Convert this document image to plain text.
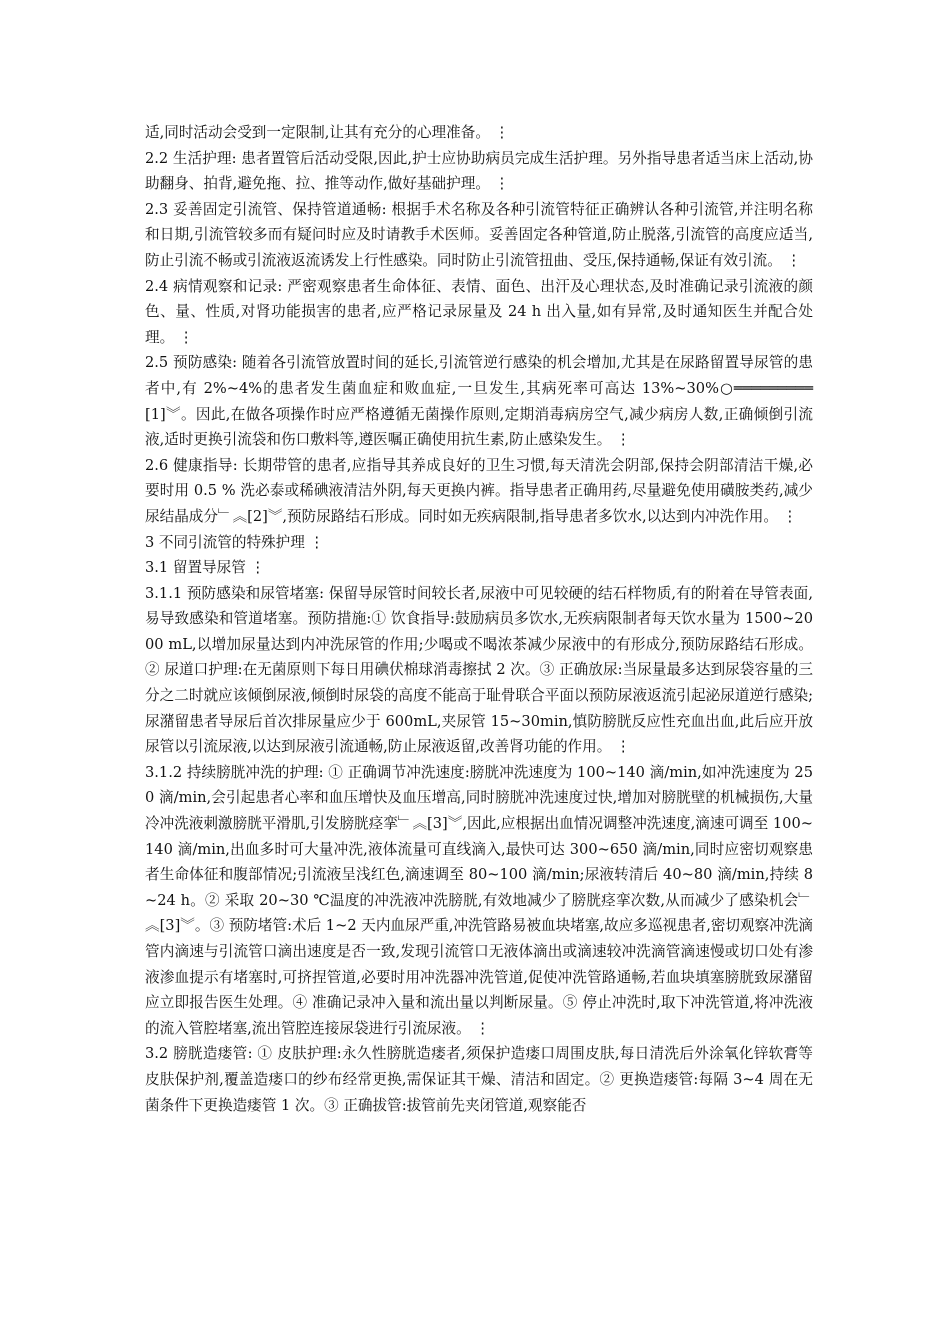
适,同时活动会受到一定限制,让其有充分的心理准备。 ⋮

2.2 生活护理: 患者置管后活动受限,因此,护士应协助病员完成生活护理。另外指导患者适当床上活动,协助翻身、拍背,避免拖、拉、推等动作,做好基础护理。 ⋮

2.3 妥善固定引流管、保持管道通畅: 根据手术名称及各种引流管特征正确辨认各种引流管,并注明名称和日期,引流管较多而有疑问时应及时请教手术医师。妥善固定各种管道,防止脱落,引流管的高度应适当,防止引流不畅或引流液返流诱发上行性感染。同时防止引流管扭曲、受压,保持通畅,保证有效引流。 ⋮

2.4 病情观察和记录: 严密观察患者生命体征、表情、面色、出汗及心理状态,及时准确记录引流液的颜色、量、性质,对肾功能损害的患者,应严格记录尿量及 24 h 出入量,如有异常,及时通知医生并配合处理。 ⋮

2.5 预防感染: 随着各引流管放置时间的延长,引流管逆行感染的机会增加,尤其是在尿路留置导尿管的患者中,有 2%~4%的患者发生菌血症和败血症,一旦发生,其病死率可高达 13%~30%○═════════[1]︾。因此,在做各项操作时应严格遵循无菌操作原则,定期消毒病房空气,减少病房人数,正确倾倒引流液,适时更换引流袋和伤口敷料等,遵医嘱正确使用抗生素,防止感染发生。 ⋮

2.6 健康指导: 长期带管的患者,应指导其养成良好的卫生习惯,每天清洗会阴部,保持会阴部清洁干燥,必要时用 0.5 % 洗必泰或稀碘液清洁外阴,每天更换内裤。指导患者正确用药,尽量避免使用磺胺类药,减少尿结晶成分﹂︽[2]︾,预防尿路结石形成。同时如无疾病限制,指导患者多饮水,以达到内冲洗作用。 ⋮

3 不同引流管的特殊护理 ⋮

3.1 留置导尿管 ⋮

3.1.1 预防感染和尿管堵塞: 保留导尿管时间较长者,尿液中可见较硬的结石样物质,有的附着在导管表面,易导致感染和管道堵塞。预防措施:① 饮食指导:鼓励病员多饮水,无疾病限制者每天饮水量为 1500~2000 mL,以增加尿量达到内冲洗尿管的作用;少喝或不喝浓茶减少尿液中的有形成分,预防尿路结石形成。② 尿道口护理:在无菌原则下每日用碘伏棉球消毒擦拭 2 次。③ 正确放尿:当尿量最多达到尿袋容量的三分之二时就应该倾倒尿液,倾倒时尿袋的高度不能高于耻骨联合平面以预防尿液返流引起泌尿道逆行感染;尿潴留患者导尿后首次排尿量应少于 600mL,夹尿管 15~30min,慎防膀胱反应性充血出血,此后应开放尿管以引流尿液,以达到尿液引流通畅,防止尿液返留,改善肾功能的作用。 ⋮

3.1.2 持续膀胱冲洗的护理: ① 正确调节冲洗速度:膀胱冲洗速度为 100~140 滴/min,如冲洗速度为 250 滴/min,会引起患者心率和血压增快及血压增高,同时膀胱冲洗速度过快,增加对膀胱壁的机械损伤,大量冷冲洗液刺激膀胱平滑肌,引发膀胱痉挛﹂︽[3]︾,因此,应根据出血情况调整冲洗速度,滴速可调至 100~140 滴/min,出血多时可大量冲洗,液体流量可直线滴入,最快可达 300~650 滴/min,同时应密切观察患者生命体征和腹部情况;引流液呈浅红色,滴速调至 80~100 滴/min;尿液转清后 40~80 滴/min,持续 8~24 h。② 采取 20~30 ℃温度的冲洗液冲洗膀胱,有效地减少了膀胱痉挛次数,从而减少了感染机会﹂︽[3]︾。③ 预防堵管:术后 1~2 天内血尿严重,冲洗管路易被血块堵塞,故应多巡视患者,密切观察冲洗滴管内滴速与引流管口滴出速度是否一致,发现引流管口无液体滴出或滴速较冲洗滴管滴速慢或切口处有渗液渗血提示有堵塞时,可挤捏管道,必要时用冲洗器冲洗管道,促使冲洗管路通畅,若血块填塞膀胱致尿潴留应立即报告医生处理。④ 准确记录冲入量和流出量以判断尿量。⑤ 停止冲洗时,取下冲洗管道,将冲洗液的流入管腔堵塞,流出管腔连接尿袋进行引流尿液。 ⋮

3.2 膀胱造瘘管: ① 皮肤护理:永久性膀胱造瘘者,须保护造瘘口周围皮肤,每日清洗后外涂氧化锌软膏等皮肤保护剂,覆盖造瘘口的纱布经常更换,需保证其干燥、清洁和固定。② 更换造瘘管:每隔 3~4 周在无菌条件下更换造瘘管 1 次。③ 正确拔管:拔管前先夹闭管道,观察能否
